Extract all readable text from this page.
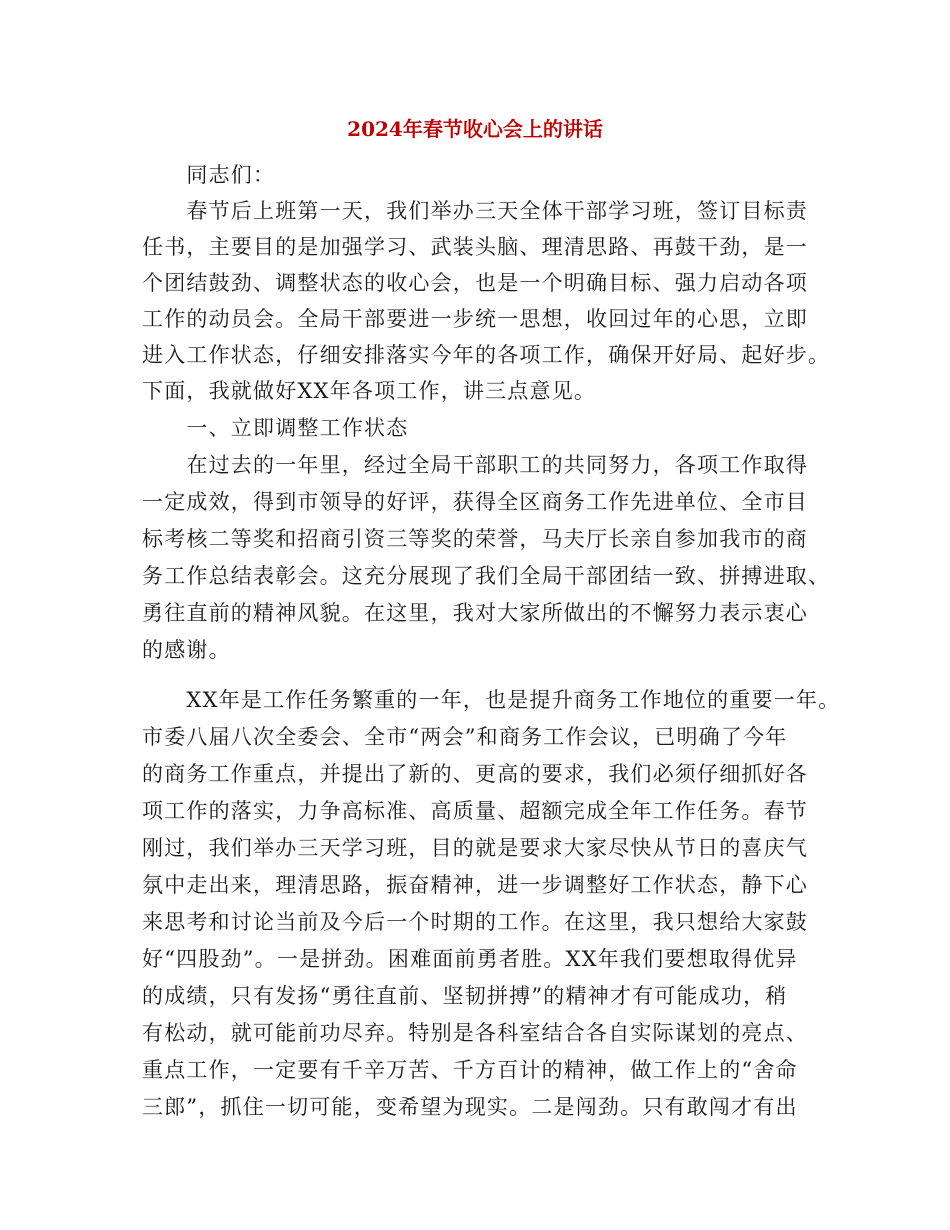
2024年春节收心会上的讲话
　　同志们：
　　春节后上班第一天，我们举办三天全体干部学习班，签订目标责
任书，主要目的是加强学习、武装头脑、理清思路、再鼓干劲，是一
个团结鼓劲、调整状态的收心会，也是一个明确目标、强力启动各项
工作的动员会。全局干部要进一步统一思想，收回过年的心思，立即
进入工作状态，仔细安排落实今年的各项工作，确保开好局、起好步。
下面，我就做好XX年各项工作，讲三点意见。
　　一、立即调整工作状态
　　在过去的一年里，经过全局干部职工的共同努力，各项工作取得
一定成效，得到市领导的好评，获得全区商务工作先进单位、全市目
标考核二等奖和招商引资三等奖的荣誉，马夫厅长亲自参加我市的商
务工作总结表彰会。这充分展现了我们全局干部团结一致、拼搏进取、
勇往直前的精神风貌。在这里，我对大家所做出的不懈努力表示衷心
的感谢。
　　XX年是工作任务繁重的一年，也是提升商务工作地位的重要一年。
市委八届八次全委会、全市“两会”和商务工作会议，已明确了今年
的商务工作重点，并提出了新的、更高的要求，我们必须仔细抓好各
项工作的落实，力争高标准、高质量、超额完成全年工作任务。春节
刚过，我们举办三天学习班，目的就是要求大家尽快从节日的喜庆气
氛中走出来，理清思路，振奋精神，进一步调整好工作状态，静下心
来思考和讨论当前及今后一个时期的工作。在这里，我只想给大家鼓
好“四股劲”。一是拼劲。困难面前勇者胜。XX年我们要想取得优异
的成绩，只有发扬“勇往直前、坚韧拼搏”的精神才有可能成功，稍
有松动，就可能前功尽弃。特别是各科室结合各自实际谋划的亮点、
重点工作，一定要有千辛万苦、千方百计的精神，做工作上的“舍命
三郎”，抓住一切可能，变希望为现实。二是闯劲。只有敢闯才有出
